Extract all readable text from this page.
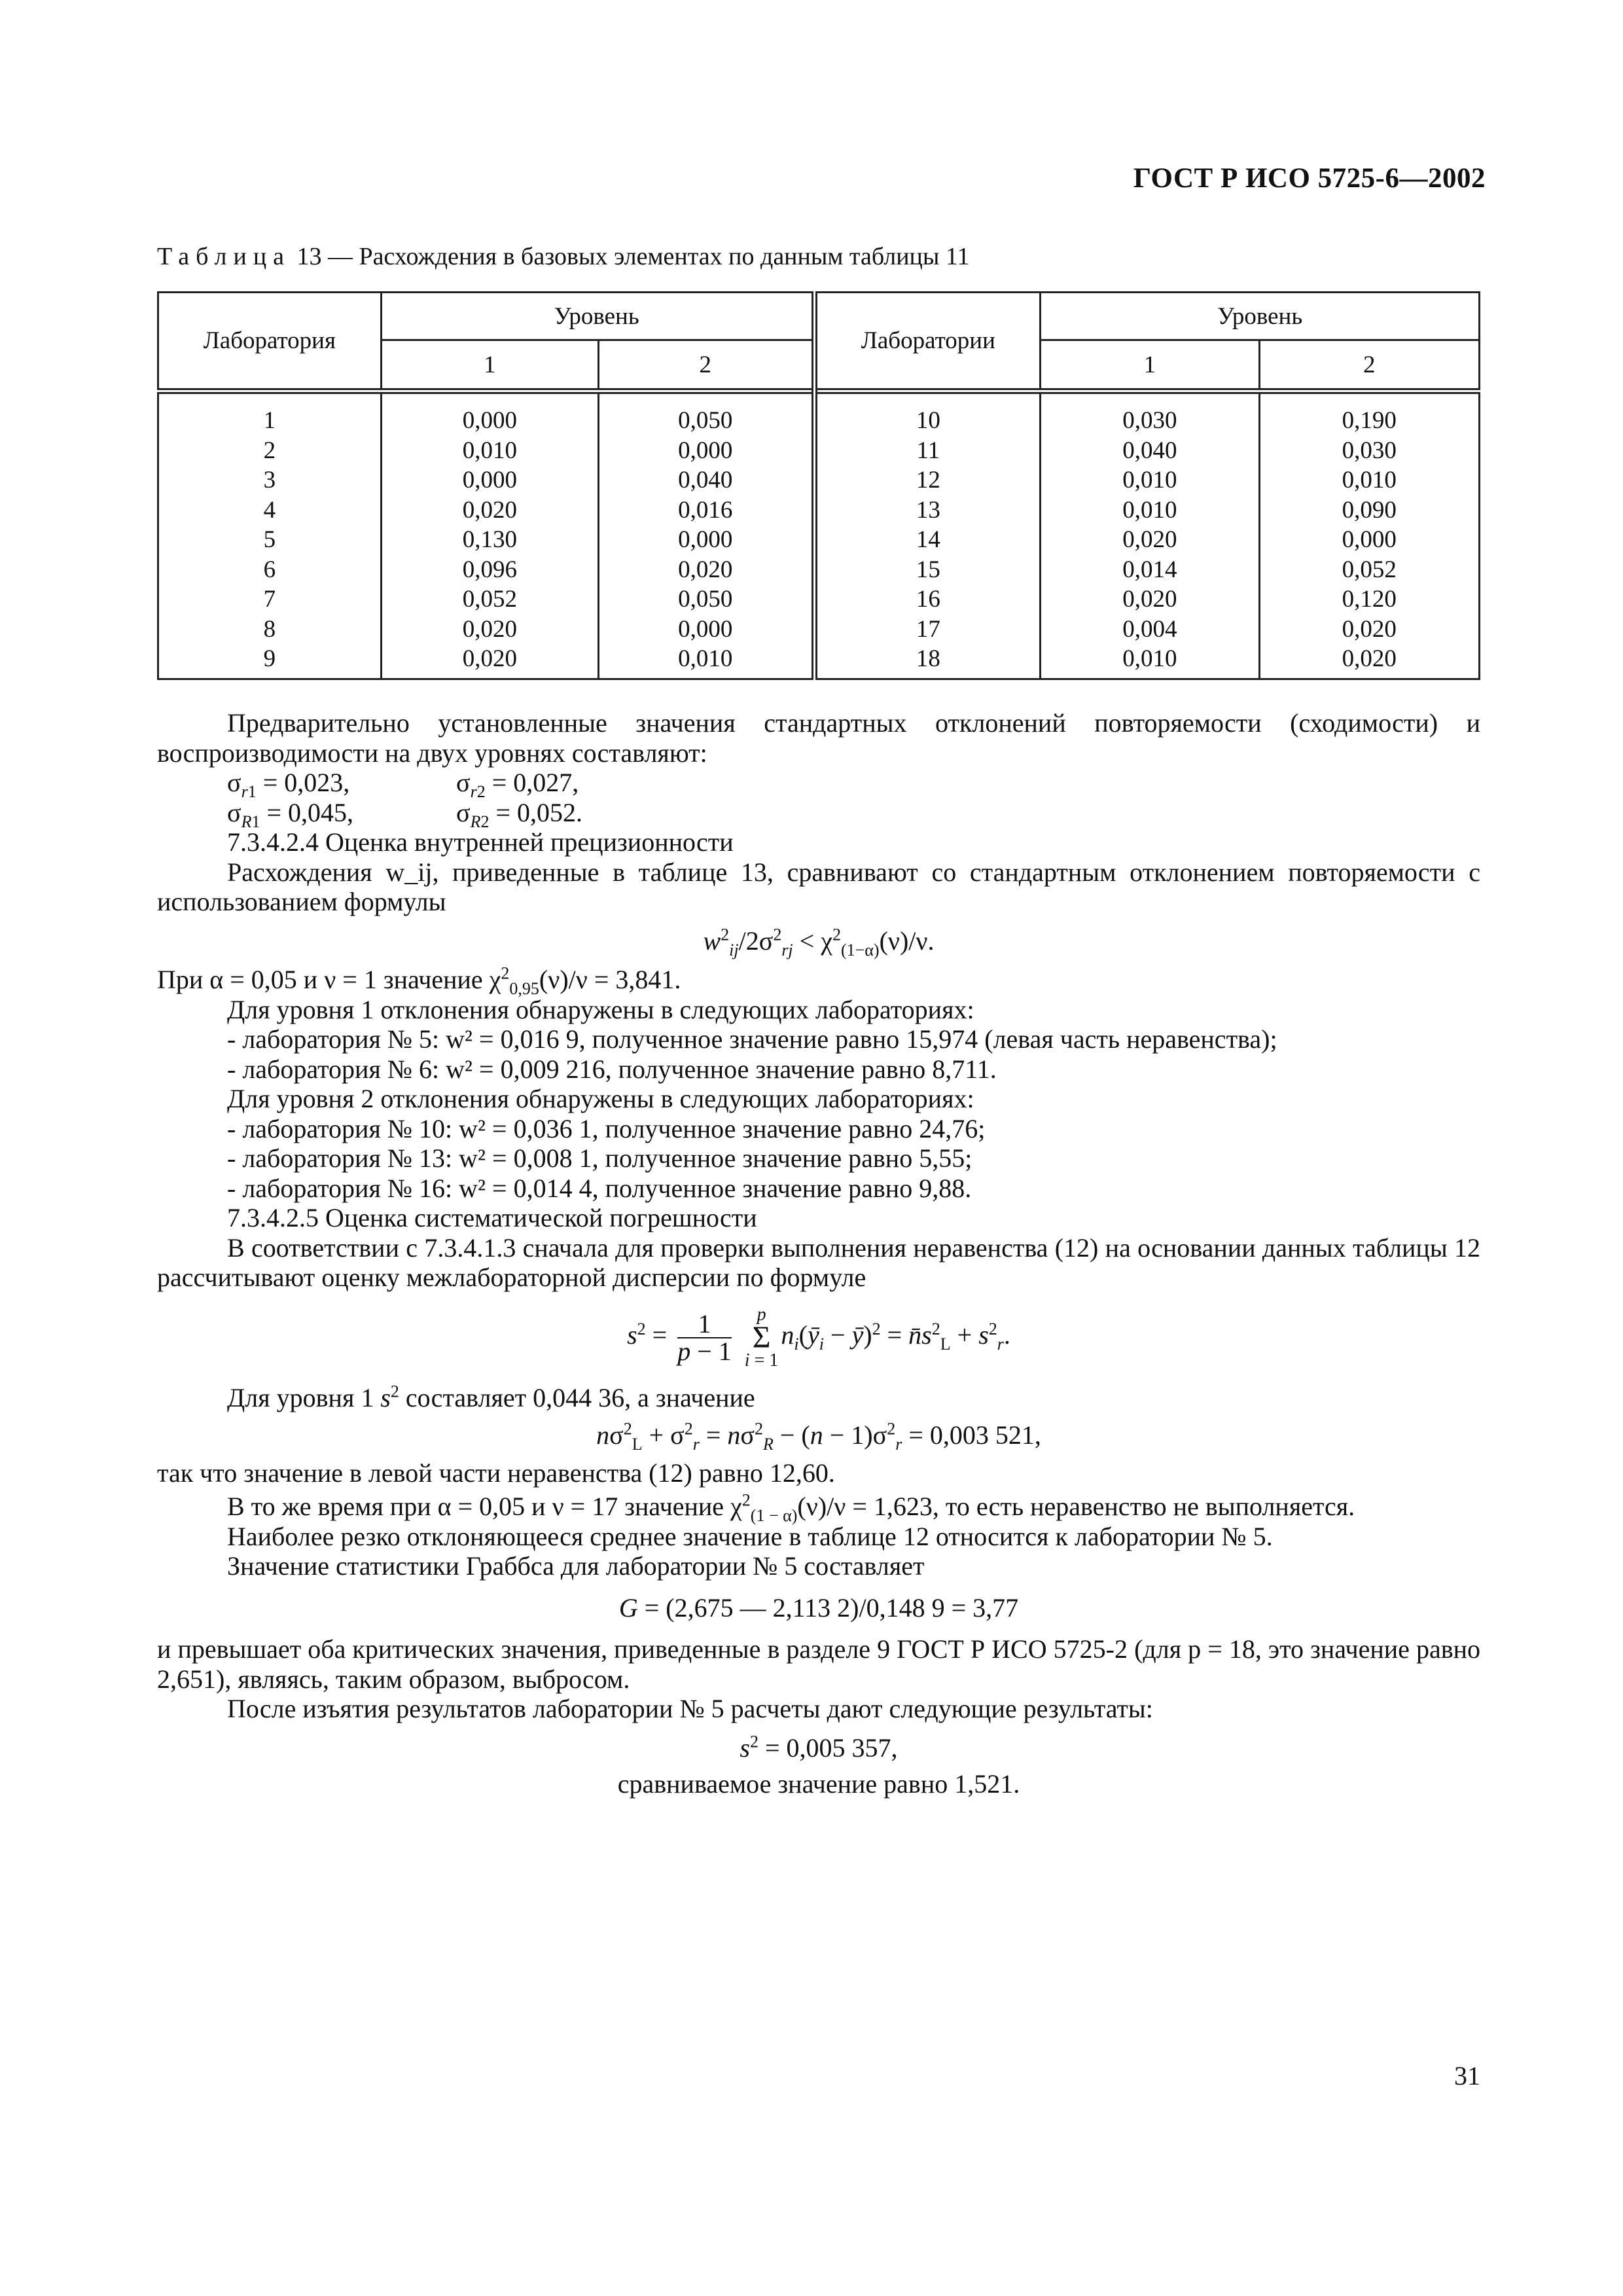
ГОСТ Р ИСО 5725-6—2002
Таблица 13 — Расхождения в базовых элементах по данным таблицы 11
Лаборатория	Уровень		Лаборатории	Уровень	
	1	2		1	2
1	0,000	0,050	10	0,030	0,190
2	0,010	0,000	11	0,040	0,030
3	0,000	0,040	12	0,010	0,010
4	0,020	0,016	13	0,010	0,090
5	0,130	0,000	14	0,020	0,000
6	0,096	0,020	15	0,014	0,052
7	0,052	0,050	16	0,020	0,120
8	0,020	0,000	17	0,004	0,020
9	0,020	0,010	18	0,010	0,020

Предварительно установленные значения стандартных отклонений повторяемости (сходимости) и воспроизводимости на двух уровнях составляют:

$\sigma_{r1} = 0,023$,	$\sigma_{r2} = 0,027$,

$\sigma_{R1} = 0,045$,	$\sigma_{R2} = 0,052$.

7.3.4.2.4 Оценка внутренней прецизионности

Расхождения w_ij, приведенные в таблице 13, сравнивают со стандартным отклонением повторяемости с использованием формулы

$w^2_{ij}/2\sigma^2_{rj} < \chi^2_{(1-\alpha)}(\nu)/\nu$.

При α = 0,05 и ν = 1 значение $\chi^2_{0,95}(\nu)/\nu = 3,841$.

Для уровня 1 отклонения обнаружены в следующих лабораториях:

- лаборатория № 5: w² = 0,016 9, полученное значение равно 15,974 (левая часть неравенства);

- лаборатория № 6: w² = 0,009 216, полученное значение равно 8,711.

Для уровня 2 отклонения обнаружены в следующих лабораториях:

- лаборатория № 10: w² = 0,036 1, полученное значение равно 24,76;

- лаборатория № 13: w² = 0,008 1, полученное значение равно 5,55;

- лаборатория № 16: w² = 0,014 4, полученное значение равно 9,88.

7.3.4.2.5 Оценка систематической погрешности

В соответствии с 7.3.4.1.3 сначала для проверки выполнения неравенства (12) на основании данных таблицы 12 рассчитывают оценку межлабораторной дисперсии по формуле

$s^2 = \frac{1}{p - 1}$
	p
Σ
i = 1
$n_i(ȳ_i$ − ȳ)$^2$ = $n̄s^2_L + s^2_r$.

Для уровня 1 $s^2$ составляет 0,044 36, а значение

$n\sigma^2_L + \sigma^2_r = n\sigma^2_R - (n - 1)\sigma^2_r = 0,003$ 521,

так что значение в левой части неравенства (12) равно 12,60.

В то же время при α = 0,05 и ν = 17 значение $\chi^2_{(1 - \alpha)}(\nu)/\nu = 1,623$, то есть неравенство не выполняется.

Наиболее резко отклоняющееся среднее значение в таблице 12 относится к лаборатории № 5.

Значение статистики Граббса для лаборатории № 5 составляет

G = (2,675 — 2,113 2)/0,148 9 = 3,77

и превышает оба критических значения, приведенные в разделе 9 ГОСТ Р ИСО 5725-2 (для p = 18, это значение равно 2,651), являясь, таким образом, выбросом.

После изъятия результатов лаборатории № 5 расчеты дают следующие результаты:

$s^2 = 0,005$ 357,

сравниваемое значение равно 1,521.

31
